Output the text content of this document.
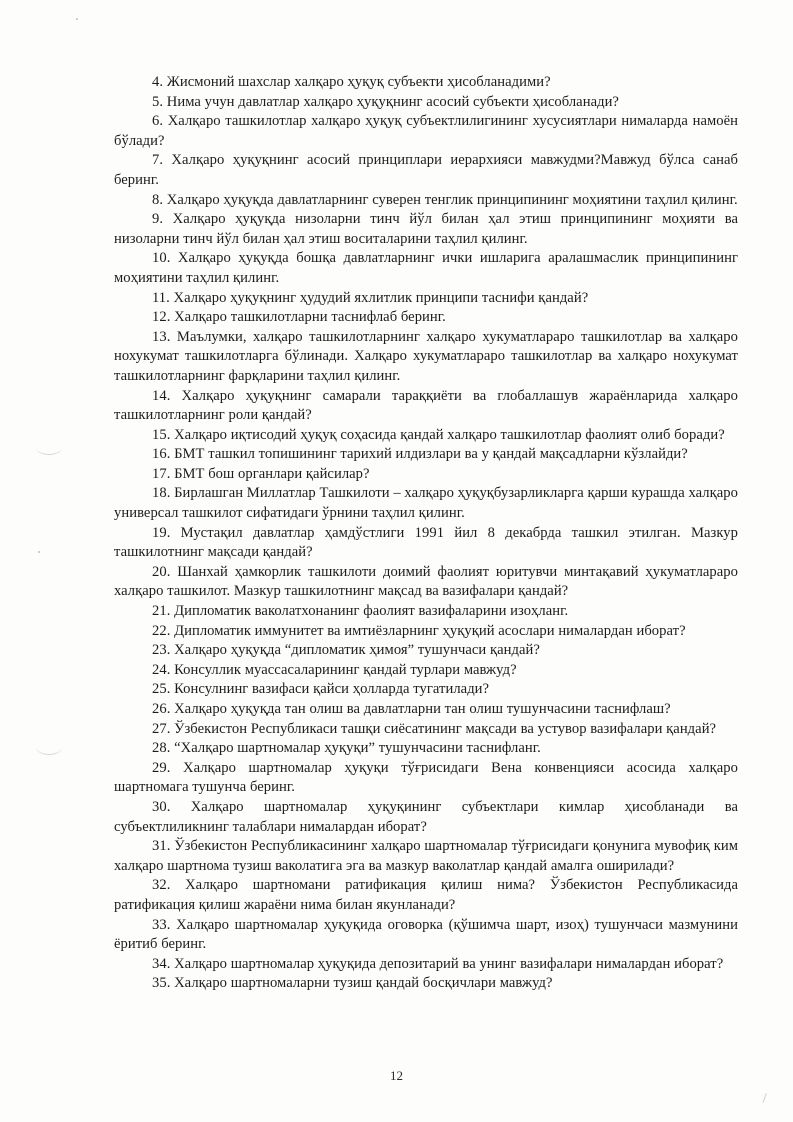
4. Жисмоний шахслар халқаро ҳуқуқ субъекти ҳисобланадими?

5. Нима учун давлатлар халқаро ҳуқуқнинг асосий субъекти ҳисобланади?

6. Халқаро ташкилотлар халқаро ҳуқуқ субъектлилигининг хусусиятлари нималарда намоён бўлади?

7. Халқаро ҳуқуқнинг асосий принциплари иерархияси мавжудми?Мавжуд бўлса санаб беринг.

8. Халқаро ҳуқуқда давлатларнинг суверен тенглик принципининг моҳиятини таҳлил қилинг.

9. Халқаро ҳуқуқда низоларни тинч йўл билан ҳал этиш принципининг моҳияти ва низоларни тинч йўл билан ҳал этиш воситаларини таҳлил қилинг.

10. Халқаро ҳуқуқда бошқа давлатларнинг ички ишларига аралашмаслик принципининг моҳиятини таҳлил қилинг.

11. Халқаро ҳуқуқнинг ҳудудий яхлитлик принципи таснифи қандай?

12. Халқаро ташкилотларни таснифлаб беринг.

13. Маълумки, халқаро ташкилотларнинг халқаро хукуматлараро ташкилотлар ва халқаро нохукумат ташкилотларга бўлинади. Халқаро хукуматлараро ташкилотлар ва халқаро нохукумат ташкилотларнинг фарқларини таҳлил қилинг.

14. Халқаро ҳуқуқнинг самарали тараққиёти ва глобаллашув жараёнларида халқаро ташкилотларнинг роли қандай?

15. Халқаро иқтисодий ҳуқуқ соҳасида қандай халқаро ташкилотлар фаолият олиб боради?

16. БМТ ташкил топишининг тарихий илдизлари ва у қандай мақсадларни кўзлайди?

17. БМТ бош органлари қайсилар?

18. Бирлашган Миллатлар Ташкилоти – халқаро ҳуқуқбузарликларга қарши курашда халқаро универсал ташкилот сифатидаги ўрнини таҳлил қилинг.

19. Мустақил давлатлар ҳамдўстлиги 1991 йил 8 декабрда ташкил этилган. Мазкур ташкилотнинг мақсади қандай?

20. Шанхай ҳамкорлик ташкилоти доимий фаолият юритувчи минтақавий ҳукуматлараро халқаро ташкилот. Мазкур ташкилотнинг мақсад ва вазифалари қандай?

21. Дипломатик ваколатхонанинг фаолият вазифаларини изоҳланг.

22. Дипломатик иммунитет ва имтиёзларнинг ҳуқуқий асослари нималардан иборат?

23. Халқаро ҳуқуқда “дипломатик ҳимоя” тушунчаси қандай?

24. Консуллик муассасаларининг қандай турлари мавжуд?

25. Консулнинг вазифаси қайси ҳолларда тугатилади?

26. Халқаро ҳуқуқда тан олиш ва давлатларни тан олиш тушунчасини таснифлаш?

27. Ўзбекистон Республикаси ташқи сиёсатининг мақсади ва устувор вазифалари қандай?

28. “Халқаро шартномалар ҳуқуқи” тушунчасини таснифланг.

29. Халқаро шартномалар ҳуқуқи тўғрисидаги Вена конвенцияси асосида халқаро шартномага тушунча беринг.

30. Халқаро шартномалар ҳуқуқининг субъектлари кимлар ҳисобланади ва субъектлиликнинг талаблари нималардан иборат?

31. Ўзбекистон Республикасининг халқаро шартномалар тўғрисидаги қонунига мувофиқ ким халқаро шартнома тузиш ваколатига эга ва мазкур ваколатлар қандай амалга оширилади?

32. Халқаро шартномани ратификация қилиш нима? Ўзбекистон Республикасида ратификация қилиш жараёни нима билан якунланади?

33. Халқаро шартномалар ҳуқуқида оговорка (қўшимча шарт, изоҳ) тушунчаси мазмунини ёритиб беринг.

34. Халқаро шартномалар ҳуқуқида депозитарий ва унинг вазифалари нималардан иборат?

35. Халқаро шартномаларни тузиш қандай босқичлари мавжуд?

12
